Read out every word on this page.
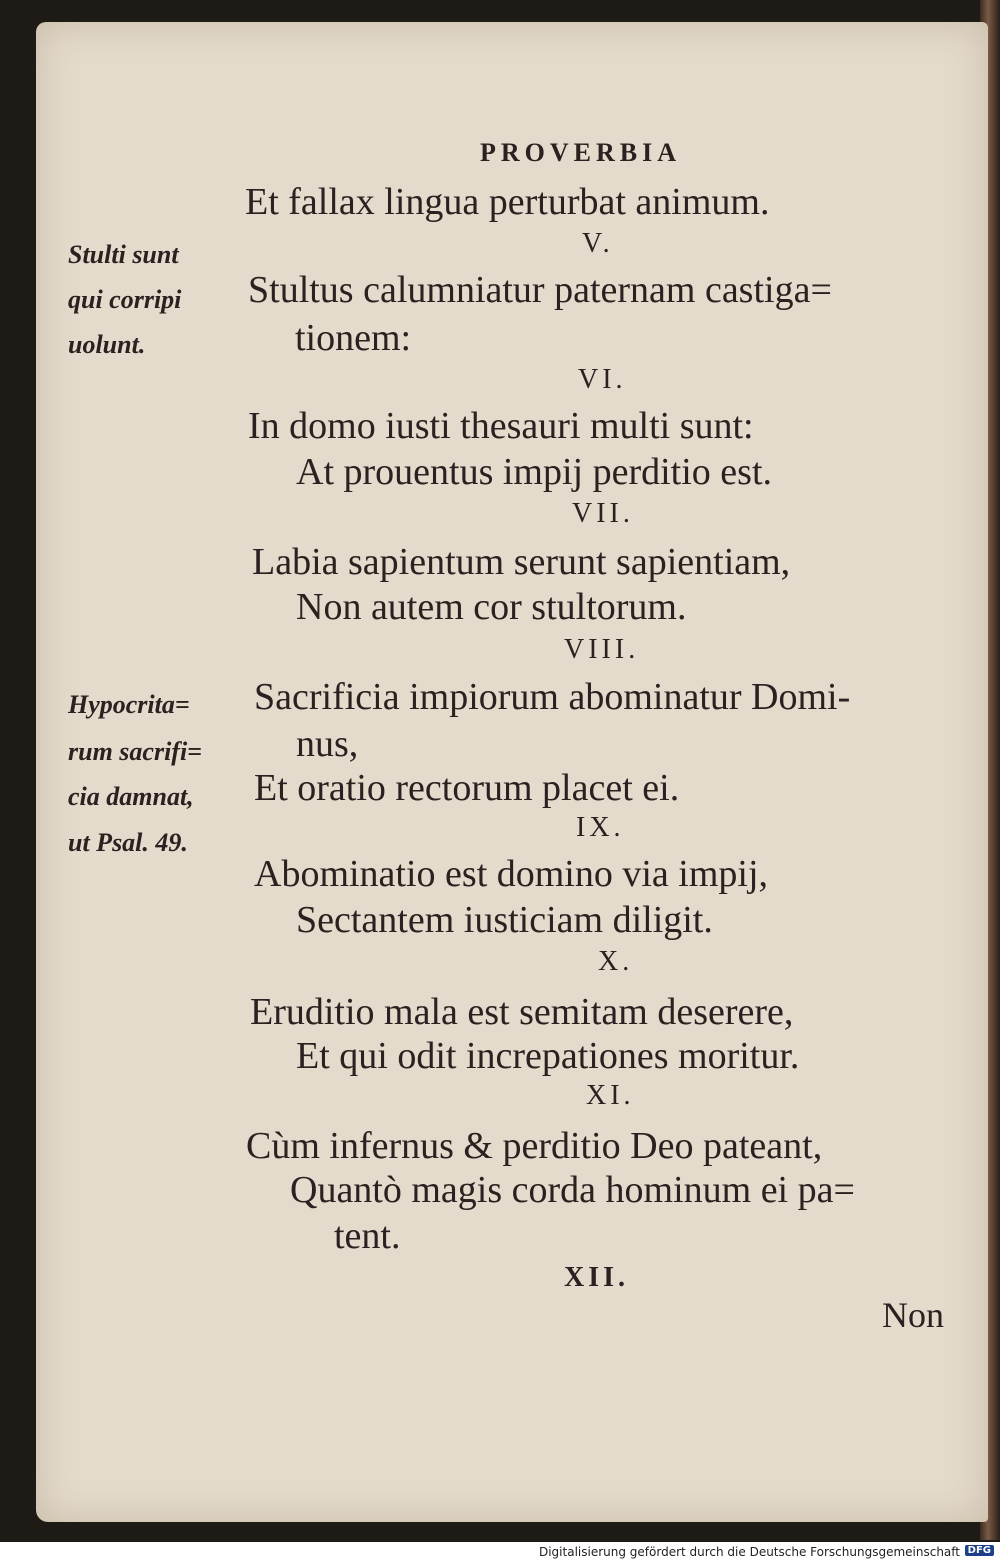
PROVERBIA
Stulti sunt
qui corripi
uolunt.
Hypocrita=
rum sacrifi=
cia damnat,
ut Psal. 49.
Et fallax lingua perturbat animum.
V.
Stultus calumniatur paternam castiga=
tionem:
VI.
In domo iusti thesauri multi sunt:
At prouentus impij perditio est.
VII.
Labia sapientum serunt sapientiam,
Non autem cor stultorum.
VIII.
Sacrificia impiorum abominatur Domi-
nus,
Et oratio rectorum placet ei.
IX.
Abominatio est domino via impij,
Sectantem iusticiam diligit.
X.
Eruditio mala est semitam deserere,
Et qui odit increpationes moritur.
XI.
Cùm infernus & perditio Deo pateant,
Quantò magis corda hominum ei pa=
tent.
XII.
Non
Digitalisierung gefördert durch die Deutsche Forschungsgemeinschaft DFG
